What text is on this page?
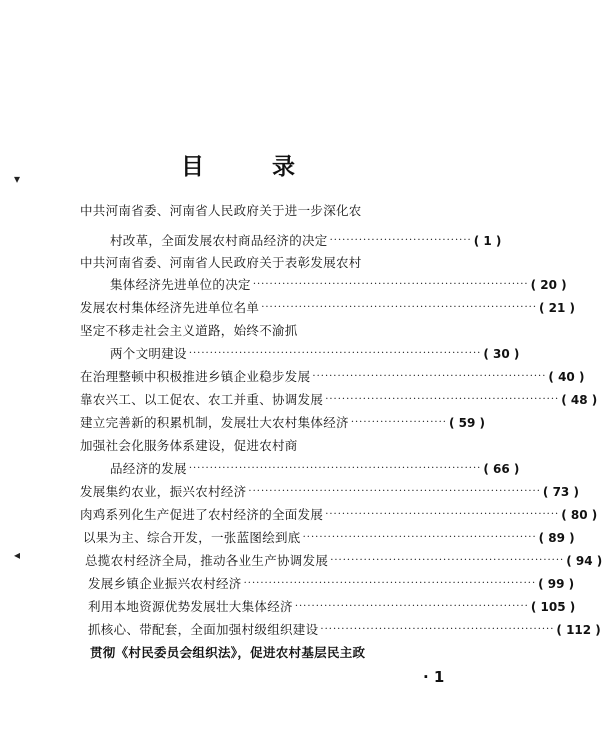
▾
◂
目 录
中共河南省委、河南省人民政府关于进一步深化农
村改革，全面发展农村商品经济的决定 ·································· ( 1 )
中共河南省委、河南省人民政府关于表彰发展农村
集体经济先进单位的决定 ·································································· ( 20 )
发展农村集体经济先进单位名单 ·································································· ( 21 )
坚定不移走社会主义道路，始终不渝抓
两个文明建设 ······································································ ( 30 )
在治理整顿中积极推进乡镇企业稳步发展 ························································ ( 40 )
靠农兴工、以工促农、农工并重、协调发展 ························································ ( 48 )
建立完善新的积累机制，发展壮大农村集体经济 ······················· ( 59 )
加强社会化服务体系建设，促进农村商
品经济的发展 ······································································ ( 66 )
发展集约农业，振兴农村经济 ······································································ ( 73 )
肉鸡系列化生产促进了农村经济的全面发展 ························································ ( 80 )
以果为主、综合开发，一张蓝图绘到底 ························································ ( 89 )
总揽农村经济全局，推动各业生产协调发展 ························································ ( 94 )
发展乡镇企业振兴农村经济 ······································································ ( 99 )
利用本地资源优势发展壮大集体经济 ························································ ( 105 )
抓核心、带配套，全面加强村级组织建设 ························································ ( 112 )
贯彻《村民委员会组织法》，促进农村基层民主政
· 1
